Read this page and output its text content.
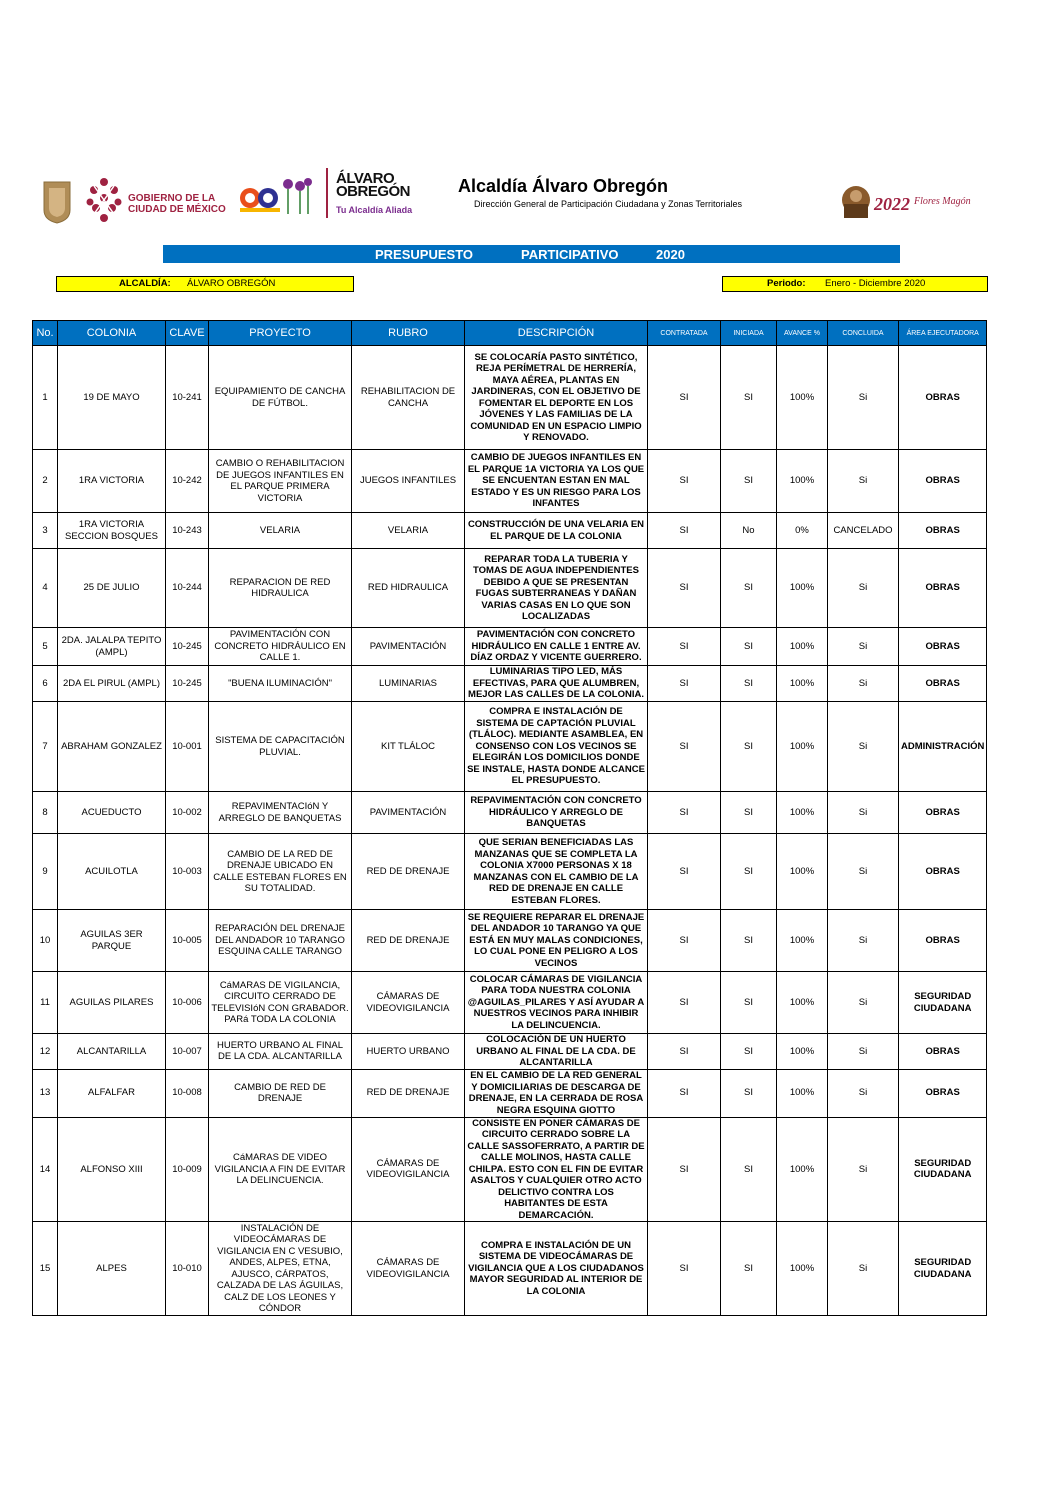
GOBIERNO DE LA
CIUDAD DE MÉXICO
ÁLVARO
OBREGÓN
Tu Alcaldía Aliada
Alcaldía Álvaro Obregón
Dirección General de Participación Ciudadana y Zonas Territoriales	2022 Flores Magón
PRESUPUESTO	PARTICIPATIVO	2020
ALCALDÍA: ÁLVARO OBREGÓN	Periodo: Enero - Diciembre 2020
No.	COLONIA	CLAVE	PROYECTO	RUBRO	DESCRIPCIÓN	CONTRATADA	INICIADA	AVANCE %	CONCLUIDA	ÁREA EJECUTADORA
1	19 DE MAYO	10-241	EQUIPAMIENTO DE CANCHA DE FÚTBOL.	REHABILITACION DE CANCHA	SE COLOCARÍA PASTO SINTÉTICO, REJA PERÍMETRAL DE HERRERÍA, MAYA AÉREA, PLANTAS EN JARDINERAS, CON EL OBJETIVO DE FOMENTAR EL DEPORTE EN LOS JÓVENES Y LAS FAMILIAS DE LA COMUNIDAD EN UN ESPACIO LIMPIO Y RENOVADO.	SI	SI	100%	Si	OBRAS
2	1RA VICTORIA	10-242	CAMBIO O REHABILITACION DE JUEGOS INFANTILES EN EL PARQUE PRIMERA VICTORIA	JUEGOS INFANTILES	CAMBIO DE JUEGOS INFANTILES EN EL PARQUE 1A VICTORIA YA LOS QUE SE ENCUENTAN ESTAN EN MAL ESTADO Y ES UN RIESGO PARA LOS INFANTES	SI	SI	100%	Si	OBRAS
3	1RA VICTORIA SECCION BOSQUES	10-243	VELARIA	VELARIA	CONSTRUCCIÓN DE UNA VELARIA EN EL PARQUE DE LA COLONIA	SI	No	0%	CANCELADO	OBRAS
4	25 DE JULIO	10-244	REPARACION DE RED HIDRAULICA	RED HIDRAULICA	REPARAR TODA LA TUBERIA Y TOMAS DE AGUA INDEPENDIENTES DEBIDO A QUE SE PRESENTAN FUGAS SUBTERRANEAS Y DAÑAN VARIAS CASAS EN LO QUE SON LOCALIZADAS	SI	SI	100%	Si	OBRAS
5	2DA. JALALPA TEPITO (AMPL)	10-245	PAVIMENTACIÓN CON CONCRETO HIDRÁULICO EN CALLE 1.	PAVIMENTACIÓN	PAVIMENTACIÓN CON CONCRETO HIDRÁULICO EN CALLE 1 ENTRE AV. DÍAZ ORDAZ Y VICENTE GUERRERO.	SI	SI	100%	Si	OBRAS
6	2DA EL PIRUL (AMPL)	10-245	"BUENA ILUMINACIÓN"	LUMINARIAS	LUMINARIAS TIPO LED, MÁS EFECTIVAS, PARA QUE ALUMBREN, MEJOR LAS CALLES DE LA COLONIA.	SI	SI	100%	Si	OBRAS
7	ABRAHAM GONZALEZ	10-001	SISTEMA DE CAPACITACIÓN PLUVIAL.	KIT TLÁLOC	COMPRA E INSTALACIÓN DE SISTEMA DE CAPTACIÓN PLUVIAL (TLÁLOC). MEDIANTE ASAMBLEA, EN CONSENSO CON LOS VECINOS SE ELEGIRÁN LOS DOMICILIOS DONDE SE INSTALE, HASTA DONDE ALCANCE EL PRESUPUESTO.	SI	SI	100%	Si	ADMINISTRACIÓN
8	ACUEDUCTO	10-002	REPAVIMENTACIóN Y ARREGLO DE BANQUETAS	PAVIMENTACIÓN	REPAVIMENTACIÓN CON CONCRETO HIDRÁULICO Y ARREGLO DE BANQUETAS	SI	SI	100%	Si	OBRAS
9	ACUILOTLA	10-003	CAMBIO DE LA RED DE DRENAJE UBICADO EN CALLE ESTEBAN FLORES EN SU TOTALIDAD.	RED DE DRENAJE	QUE SERIAN BENEFICIADAS LAS MANZANAS QUE SE COMPLETA LA COLONIA X7000 PERSONAS X 18 MANZANAS CON EL CAMBIO DE LA RED DE DRENAJE EN CALLE ESTEBAN FLORES.	SI	SI	100%	Si	OBRAS
10	AGUILAS 3ER PARQUE	10-005	REPARACIÓN DEL DRENAJE DEL ANDADOR 10 TARANGO ESQUINA CALLE TARANGO	RED DE DRENAJE	SE REQUIERE REPARAR EL DRENAJE DEL ANDADOR 10 TARANGO YA QUE ESTÁ EN MUY MALAS CONDICIONES, LO CUAL PONE EN PELIGRO A LOS VECINOS	SI	SI	100%	Si	OBRAS
11	AGUILAS PILARES	10-006	CáMARAS DE VIGILANCIA, CIRCUITO CERRADO DE TELEVISIóN CON GRABADOR. PARá TODA LA COLONIA	CÁMARAS DE VIDEOVIGILANCIA	COLOCAR CÁMARAS DE VIGILANCIA PARA TODA NUESTRA COLONIA @AGUILAS_PILARES Y ASÍ AYUDAR A NUESTROS VECINOS PARA INHIBIR LA DELINCUENCIA.	SI	SI	100%	Si	SEGURIDAD CIUDADANA
12	ALCANTARILLA	10-007	HUERTO URBANO AL FINAL DE LA CDA. ALCANTARILLA	HUERTO URBANO	COLOCACIÓN DE UN HUERTO URBANO AL FINAL DE LA CDA. DE ALCANTARILLA	SI	SI	100%	Si	OBRAS
13	ALFALFAR	10-008	CAMBIO DE RED DE DRENAJE	RED DE DRENAJE	EN EL CAMBIO DE LA RED GENERAL Y DOMICILIARIAS DE DESCARGA DE DRENAJE, EN LA CERRADA DE ROSA NEGRA ESQUINA GIOTTO	SI	SI	100%	Si	OBRAS
14	ALFONSO XIII	10-009	CáMARAS DE VIDEO VIGILANCIA A FIN DE EVITAR LA DELINCUENCIA.	CÁMARAS DE VIDEOVIGILANCIA	CONSISTE EN PONER CÁMARAS DE CIRCUITO CERRADO SOBRE LA CALLE SASSOFERRATO, A PARTIR DE CALLE MOLINOS, HASTA CALLE CHILPA. ESTO CON EL FIN DE EVITAR ASALTOS Y CUALQUIER OTRO ACTO DELICTIVO CONTRA LOS HABITANTES DE ESTA DEMARCACIÓN.	SI	SI	100%	Si	SEGURIDAD CIUDADANA
15	ALPES	10-010	INSTALACIÓN DE VIDEOCÁMARAS DE VIGILANCIA EN C VESUBIO, ANDES, ALPES, ETNA, AJUSCO, CÁRPATOS, CALZADA DE LAS ÁGUILAS, CALZ DE LOS LEONES Y CÓNDOR	CÁMARAS DE VIDEOVIGILANCIA	COMPRA E INSTALACIÓN DE UN SISTEMA DE VIDEOCÁMARAS DE VIGILANCIA QUE A LOS CIUDADANOS MAYOR SEGURIDAD AL INTERIOR DE LA COLONIA	SI	SI	100%	Si	SEGURIDAD CIUDADANA
